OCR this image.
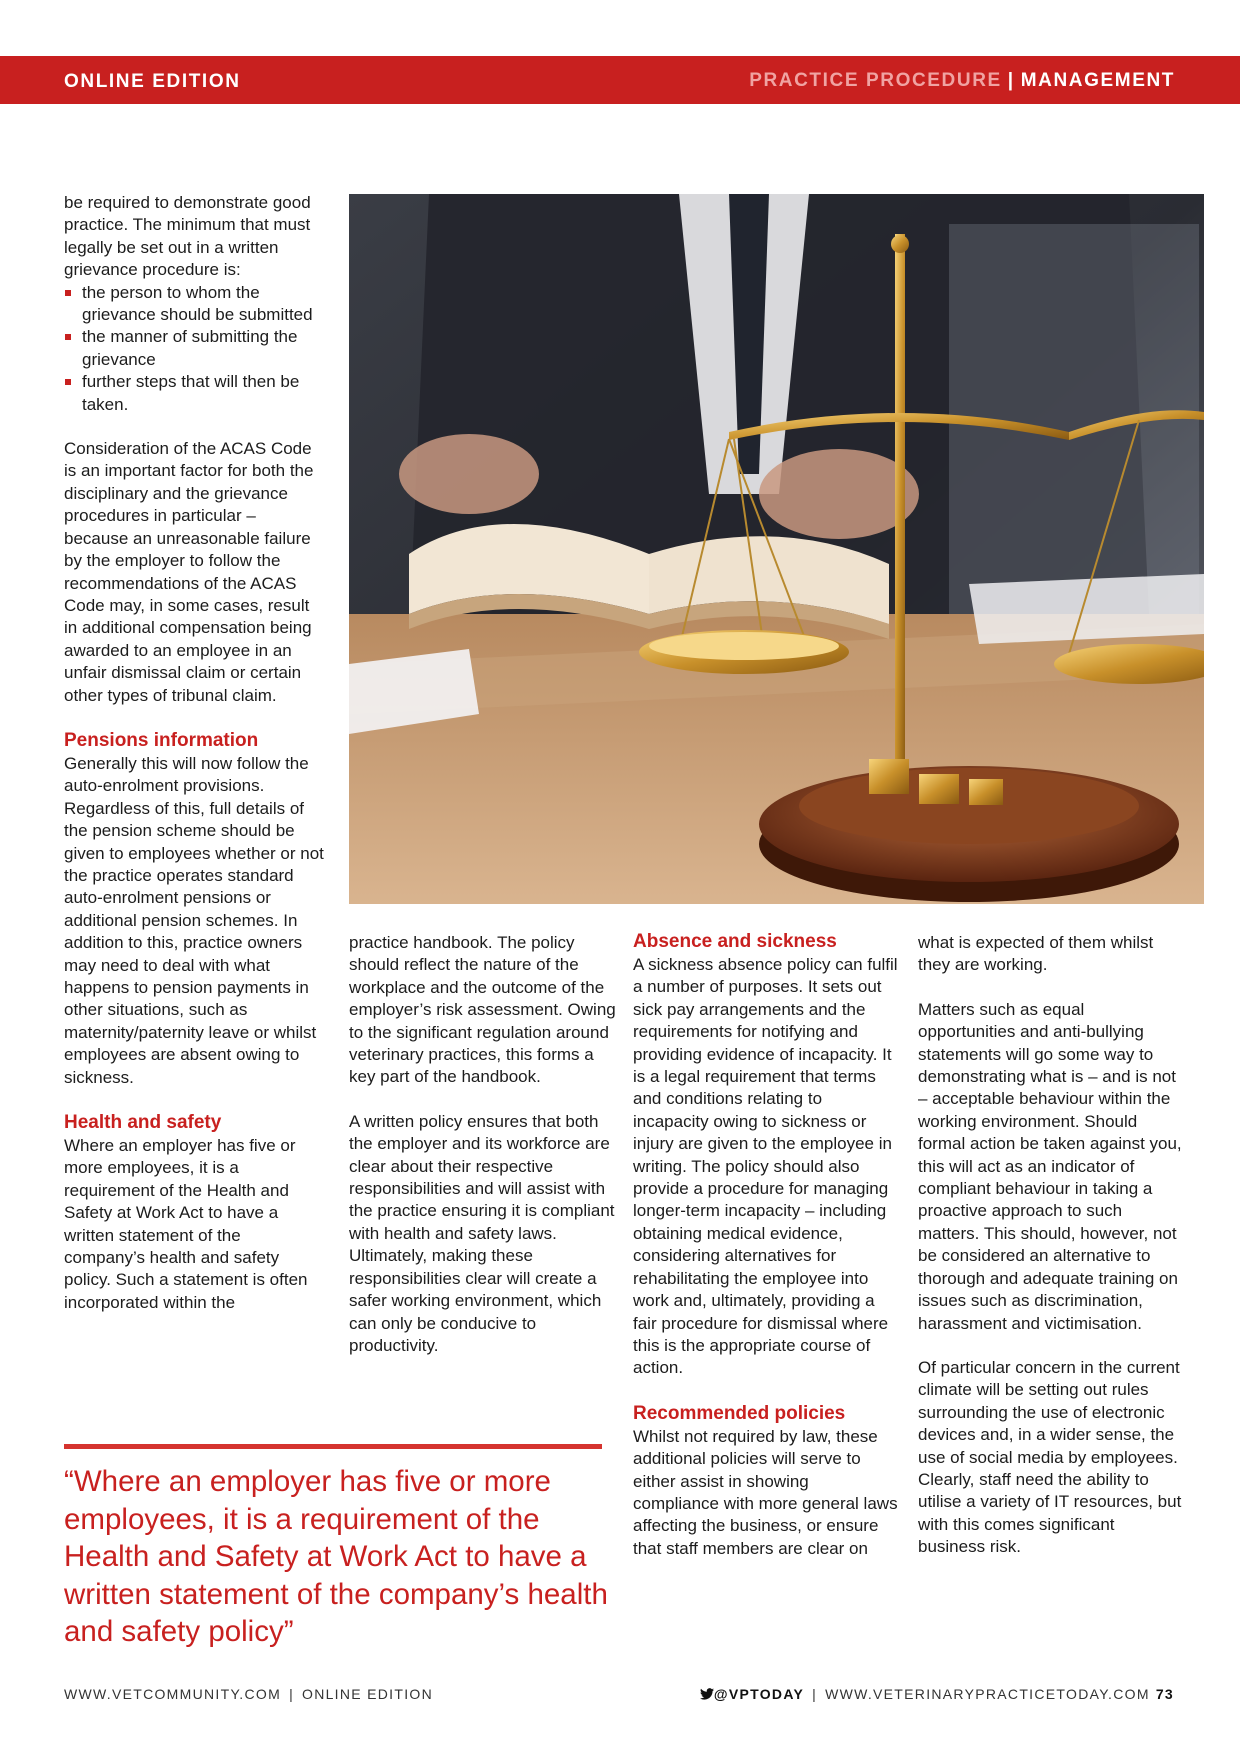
ONLINE EDITION	PRACTICE PROCEDURE | MANAGEMENT

be required to demonstrate good practice. The minimum that must legally be set out in a written grievance procedure is:

the person to whom the grievance should be submitted
the manner of submitting the grievance
further steps that will then be taken.

Consideration of the ACAS Code is an important factor for both the disciplinary and the grievance procedures in particular – because an unreasonable failure by the employer to follow the recommendations of the ACAS Code may, in some cases, result in additional compensation being awarded to an employee in an unfair dismissal claim or certain other types of tribunal claim.

Pensions information

Generally this will now follow the auto-enrolment provisions. Regardless of this, full details of the pension scheme should be given to employees whether or not the practice operates standard auto-enrolment pensions or additional pension schemes. In addition to this, practice owners may need to deal with what happens to pension payments in other situations, such as maternity/paternity leave or whilst employees are absent owing to sickness.

Health and safety

Where an employer has five or more employees, it is a requirement of the Health and Safety at Work Act to have a written statement of the company’s health and safety policy. Such a statement is often incorporated within the

practice handbook. The policy should reflect the nature of the workplace and the outcome of the employer’s risk assessment. Owing to the significant regulation around veterinary practices, this forms a key part of the handbook.

A written policy ensures that both the employer and its workforce are clear about their respective responsibilities and will assist with the practice ensuring it is compliant with health and safety laws. Ultimately, making these responsibilities clear will create a safer working environment, which can only be conducive to productivity.

Absence and sickness

A sickness absence policy can fulfil a number of purposes. It sets out sick pay arrangements and the requirements for notifying and providing evidence of incapacity. It is a legal requirement that terms and conditions relating to incapacity owing to sickness or injury are given to the employee in writing. The policy should also provide a procedure for managing longer-term incapacity – including obtaining medical evidence, considering alternatives for rehabilitating the employee into work and, ultimately, providing a fair procedure for dismissal where this is the appropriate course of action.

Recommended policies

Whilst not required by law, these additional policies will serve to either assist in showing compliance with more general laws affecting the business, or ensure that staff members are clear on

what is expected of them whilst they are working.

Matters such as equal opportunities and anti-bullying statements will go some way to demonstrating what is – and is not – acceptable behaviour within the working environment. Should formal action be taken against you, this will act as an indicator of compliant behaviour in taking a proactive approach to such matters. This should, however, not be considered an alternative to thorough and adequate training on issues such as discrimination, harassment and victimisation.

Of particular concern in the current climate will be setting out rules surrounding the use of electronic devices and, in a wider sense, the use of social media by employees. Clearly, staff need the ability to utilise a variety of IT resources, but with this comes significant business risk.

“Where an employer has five or more employees, it is a requirement of the Health and Safety at Work Act to have a written statement of the company’s health and safety policy”
WWW.VETCOMMUNITY.COM | ONLINE EDITION	@VPTODAY | WWW.VETERINARYPRACTICETODAY.COM 73
